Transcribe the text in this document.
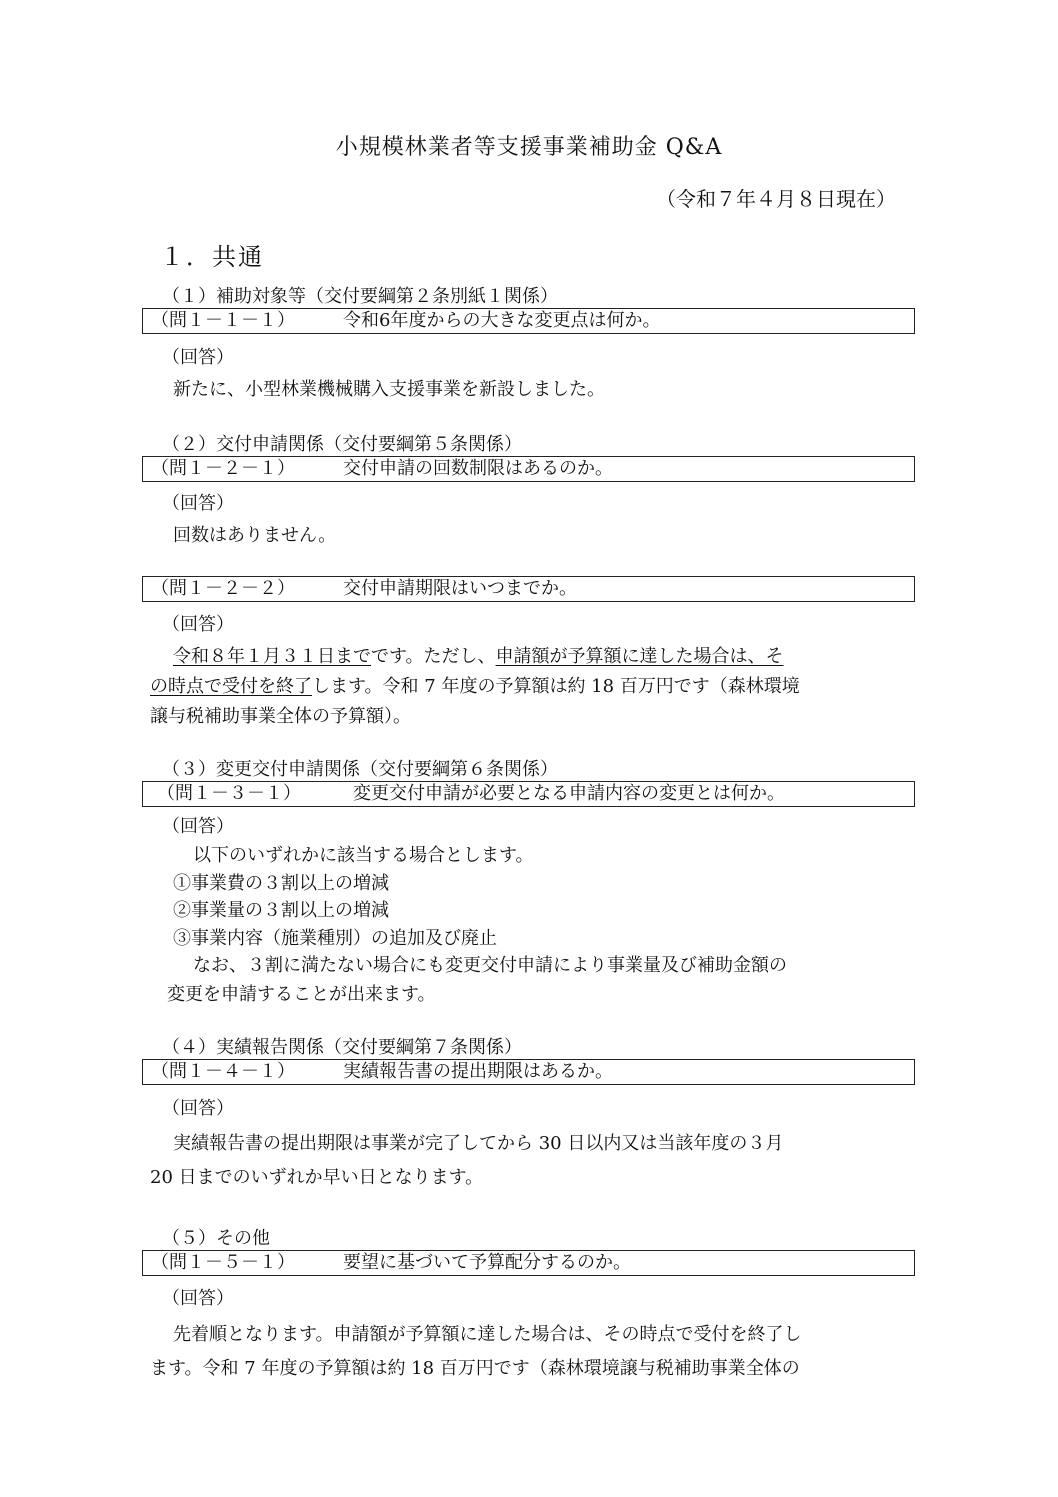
小規模林業者等支援事業補助金 Q&A
（令和７年４月８日現在）
１．共通
（１）補助対象等（交付要綱第２条別紙１関係）
（問１－１－１）	令和6年度からの大きな変更点は何か。
（回答）
新たに、小型林業機械購入支援事業を新設しました。
（２）交付申請関係（交付要綱第５条関係）
（問１－２－１）	交付申請の回数制限はあるのか。
（回答）
回数はありません。
（問１－２－２）	交付申請期限はいつまでか。
（回答）
令和８年１月３１日までです。ただし、申請額が予算額に達した場合は、そ
の時点で受付を終了します。令和 7 年度の予算額は約 18 百万円です（森林環境
譲与税補助事業全体の予算額）。
（３）変更交付申請関係（交付要綱第６条関係）
（問１－３－１）	変更交付申請が必要となる申請内容の変更とは何か。
（回答）
以下のいずれかに該当する場合とします。
①事業費の３割以上の増減
②事業量の３割以上の増減
③事業内容（施業種別）の追加及び廃止
なお、３割に満たない場合にも変更交付申請により事業量及び補助金額の
変更を申請することが出来ます。
（４）実績報告関係（交付要綱第７条関係）
（問１－４－１）	実績報告書の提出期限はあるか。
（回答）
実績報告書の提出期限は事業が完了してから 30 日以内又は当該年度の３月
20 日までのいずれか早い日となります。
（５）その他
（問１－５－１）	要望に基づいて予算配分するのか。
（回答）
先着順となります。申請額が予算額に達した場合は、その時点で受付を終了し
ます。令和 7 年度の予算額は約 18 百万円です（森林環境譲与税補助事業全体の
